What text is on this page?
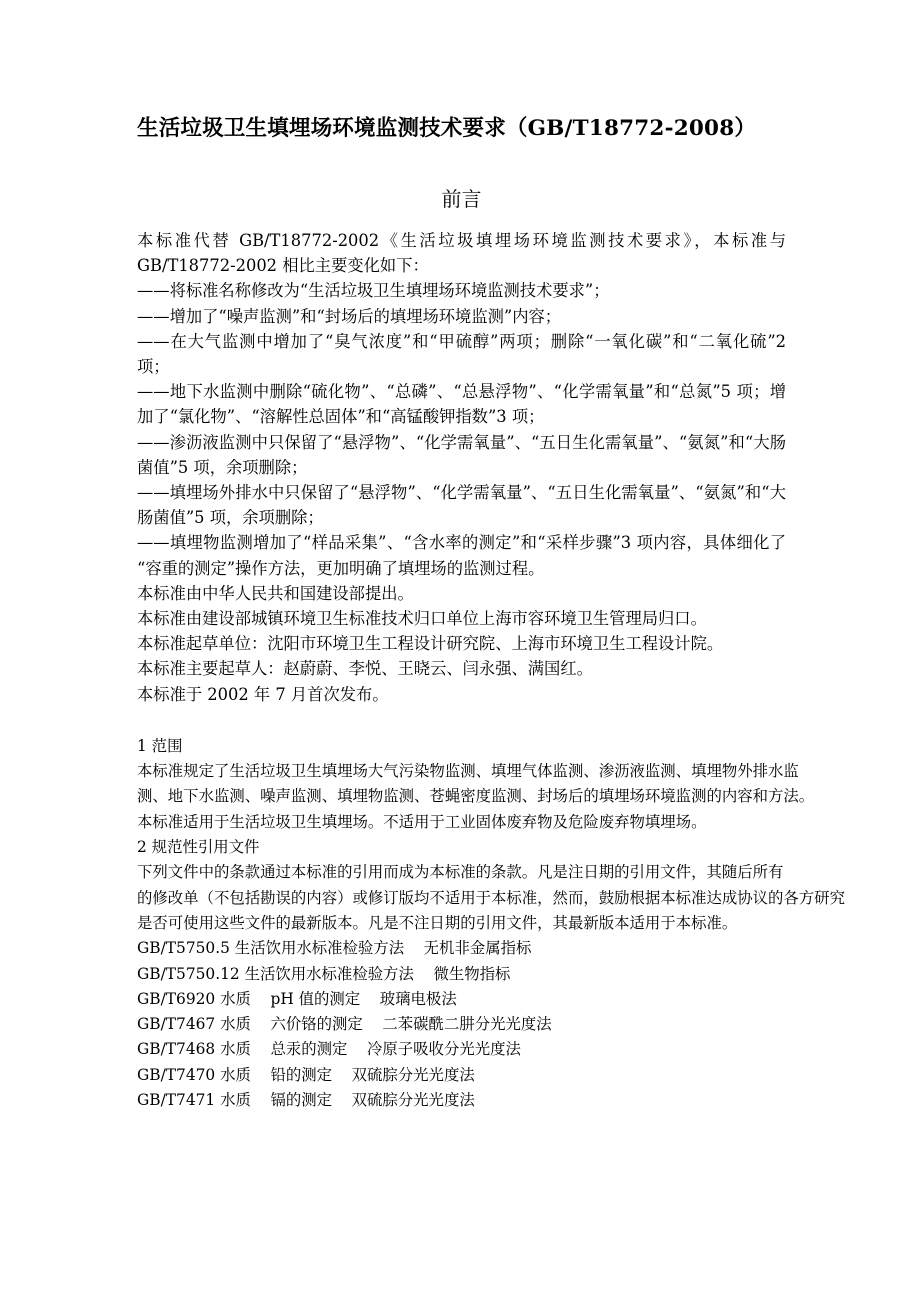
生活垃圾卫生填埋场环境监测技术要求（GB/T18772-2008）
前言

本标准代替 GB/T18772-2002《生活垃圾填埋场环境监测技术要求》，本标准与

GB/T18772-2002 相比主要变化如下：

——将标准名称修改为“生活垃圾卫生填埋场环境监测技术要求”；

——增加了“噪声监测”和“封场后的填埋场环境监测”内容；

——在大气监测中增加了“臭气浓度”和“甲硫醇”两项；删除“一氧化碳”和“二氧化硫”2 项；

——地下水监测中删除“硫化物”、“总磷”、“总悬浮物”、“化学需氧量”和“总氮”5 项；增加了“氯化物”、“溶解性总固体”和“高锰酸钾指数”3 项；

——渗沥液监测中只保留了“悬浮物”、“化学需氧量”、“五日生化需氧量”、“氨氮”和“大肠菌值”5 项，余项删除；

——填埋场外排水中只保留了“悬浮物”、“化学需氧量”、“五日生化需氧量”、“氨氮”和“大肠菌值”5 项，余项删除；

——填埋物监测增加了“样品采集”、“含水率的测定”和“采样步骤”3 项内容，具体细化了“容重的测定”操作方法，更加明确了填埋场的监测过程。

本标准由中华人民共和国建设部提出。

本标准由建设部城镇环境卫生标准技术归口单位上海市容环境卫生管理局归口。

本标准起草单位：沈阳市环境卫生工程设计研究院、上海市环境卫生工程设计院。

本标准主要起草人：赵蔚蔚、李悦、王晓云、闫永强、满国红。

本标准于 2002 年 7 月首次发布。

1 范围

本标准规定了生活垃圾卫生填埋场大气污染物监测、填埋气体监测、渗沥液监测、填埋物外排水监

测、地下水监测、噪声监测、填埋物监测、苍蝇密度监测、封场后的填埋场环境监测的内容和方法。

本标准适用于生活垃圾卫生填埋场。不适用于工业固体废弃物及危险废弃物填埋场。

2 规范性引用文件

下列文件中的条款通过本标准的引用而成为本标准的条款。凡是注日期的引用文件，其随后所有

的修改单（不包括勘误的内容）或修订版均不适用于本标准，然而，鼓励根据本标准达成协议的各方研究

是否可使用这些文件的最新版本。凡是不注日期的引用文件，其最新版本适用于本标准。

GB/T5750.5 生活饮用水标准检验方法    无机非金属指标

GB/T5750.12 生活饮用水标准检验方法    微生物指标

GB/T6920 水质    pH 值的测定    玻璃电极法

GB/T7467 水质    六价铬的测定    二苯碳酰二肼分光光度法

GB/T7468 水质    总汞的测定    冷原子吸收分光光度法

GB/T7470 水质    铅的测定    双硫腙分光光度法

GB/T7471 水质    镉的测定    双硫腙分光光度法
